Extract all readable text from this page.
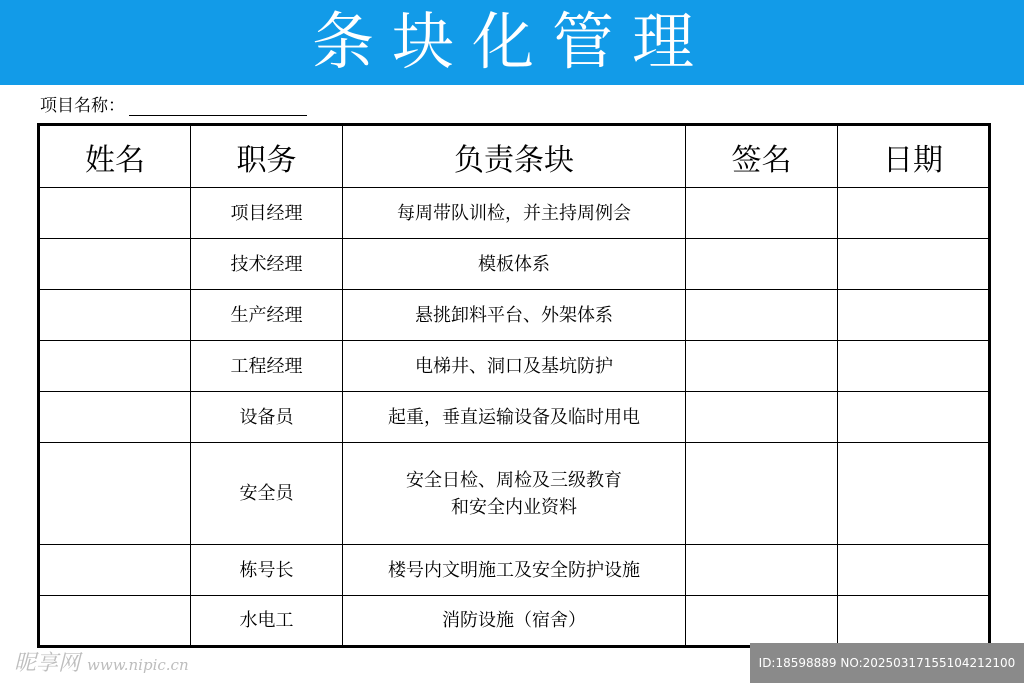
条块化管理
项目名称：
姓名	职务	负责条块	签名	日期
	项目经理	每周带队训检，并主持周例会		
	技术经理	模板体系		
	生产经理	悬挑卸料平台、外架体系		
	工程经理	电梯井、洞口及基坑防护		
	设备员	起重，垂直运输设备及临时用电		
	安全员	安全日检、周检及三级教育
和安全内业资料		
	栋号长	楼号内文明施工及安全防护设施		
	水电工	消防设施（宿舍）		
昵享网 www.nipic.cn	ID:18598889 NO:20250317155104212100
